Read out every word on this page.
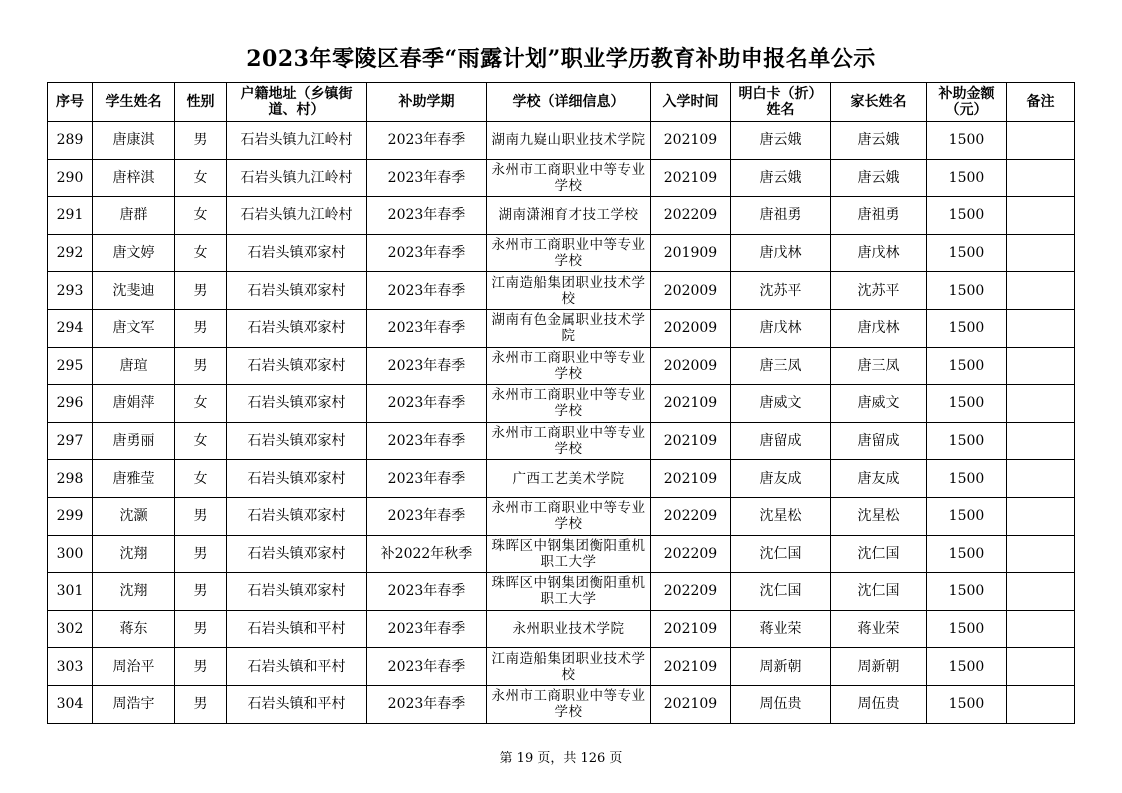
2023年零陵区春季“雨露计划”职业学历教育补助申报名单公示
序号	学生姓名	性别	户籍地址（乡镇街道、村）	补助学期	学校（详细信息）	入学时间	明白卡（折）姓名	家长姓名	补助金额（元）	备注
289	唐康淇	男	石岩头镇九江岭村	2023年春季	湖南九嶷山职业技术学院	202109	唐云娥	唐云娥	1500	
290	唐梓淇	女	石岩头镇九江岭村	2023年春季	永州市工商职业中等专业学校	202109	唐云娥	唐云娥	1500	
291	唐群	女	石岩头镇九江岭村	2023年春季	湖南潇湘育才技工学校	202209	唐祖勇	唐祖勇	1500	
292	唐文婷	女	石岩头镇邓家村	2023年春季	永州市工商职业中等专业学校	201909	唐戊林	唐戊林	1500	
293	沈斐迪	男	石岩头镇邓家村	2023年春季	江南造船集团职业技术学校	202009	沈苏平	沈苏平	1500	
294	唐文军	男	石岩头镇邓家村	2023年春季	湖南有色金属职业技术学院	202009	唐戊林	唐戊林	1500	
295	唐瑄	男	石岩头镇邓家村	2023年春季	永州市工商职业中等专业学校	202009	唐三凤	唐三凤	1500	
296	唐娟萍	女	石岩头镇邓家村	2023年春季	永州市工商职业中等专业学校	202109	唐威文	唐威文	1500	
297	唐勇丽	女	石岩头镇邓家村	2023年春季	永州市工商职业中等专业学校	202109	唐留成	唐留成	1500	
298	唐雅莹	女	石岩头镇邓家村	2023年春季	广西工艺美术学院	202109	唐友成	唐友成	1500	
299	沈灏	男	石岩头镇邓家村	2023年春季	永州市工商职业中等专业学校	202209	沈星松	沈星松	1500	
300	沈翔	男	石岩头镇邓家村	补2022年秋季	珠晖区中钢集团衡阳重机职工大学	202209	沈仁国	沈仁国	1500	
301	沈翔	男	石岩头镇邓家村	2023年春季	珠晖区中钢集团衡阳重机职工大学	202209	沈仁国	沈仁国	1500	
302	蒋东	男	石岩头镇和平村	2023年春季	永州职业技术学院	202109	蒋业荣	蒋业荣	1500	
303	周治平	男	石岩头镇和平村	2023年春季	江南造船集团职业技术学校	202109	周新朝	周新朝	1500	
304	周浩宇	男	石岩头镇和平村	2023年春季	永州市工商职业中等专业学校	202109	周伍贵	周伍贵	1500	
第 19 页，共 126 页
